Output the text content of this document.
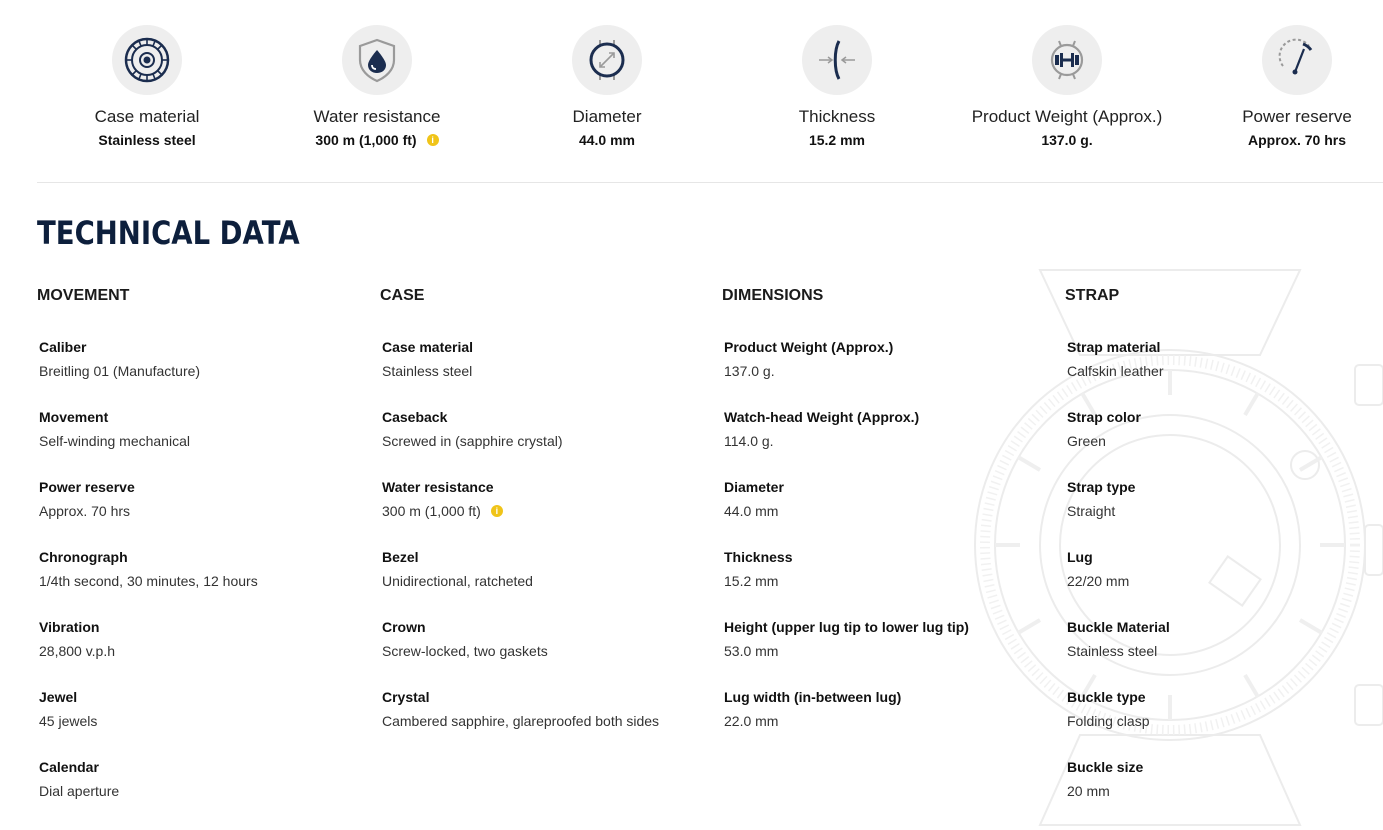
Case material
Stainless steel
Water resistance
300 m (1,000 ft) i
Diameter
44.0 mm
Thickness
15.2 mm
Product Weight (Approx.)
137.0 g.
Power reserve
Approx. 70 hrs
TECHNICAL DATA
MOVEMENT
Caliber
Breitling 01 (Manufacture)
Movement
Self-winding mechanical
Power reserve
Approx. 70 hrs
Chronograph
1/4th second, 30 minutes, 12 hours
Vibration
28,800 v.p.h
Jewel
45 jewels
Calendar
Dial aperture
CASE
Case material
Stainless steel
Caseback
Screwed in (sapphire crystal)
Water resistance
300 m (1,000 ft) i
Bezel
Unidirectional, ratcheted
Crown
Screw-locked, two gaskets
Crystal
Cambered sapphire, glareproofed both sides
DIMENSIONS
Product Weight (Approx.)
137.0 g.
Watch-head Weight (Approx.)
114.0 g.
Diameter
44.0 mm
Thickness
15.2 mm
Height (upper lug tip to lower lug tip)
53.0 mm
Lug width (in-between lug)
22.0 mm
STRAP
Strap material
Calfskin leather
Strap color
Green
Strap type
Straight
Lug
22/20 mm
Buckle Material
Stainless steel
Buckle type
Folding clasp
Buckle size
20 mm
